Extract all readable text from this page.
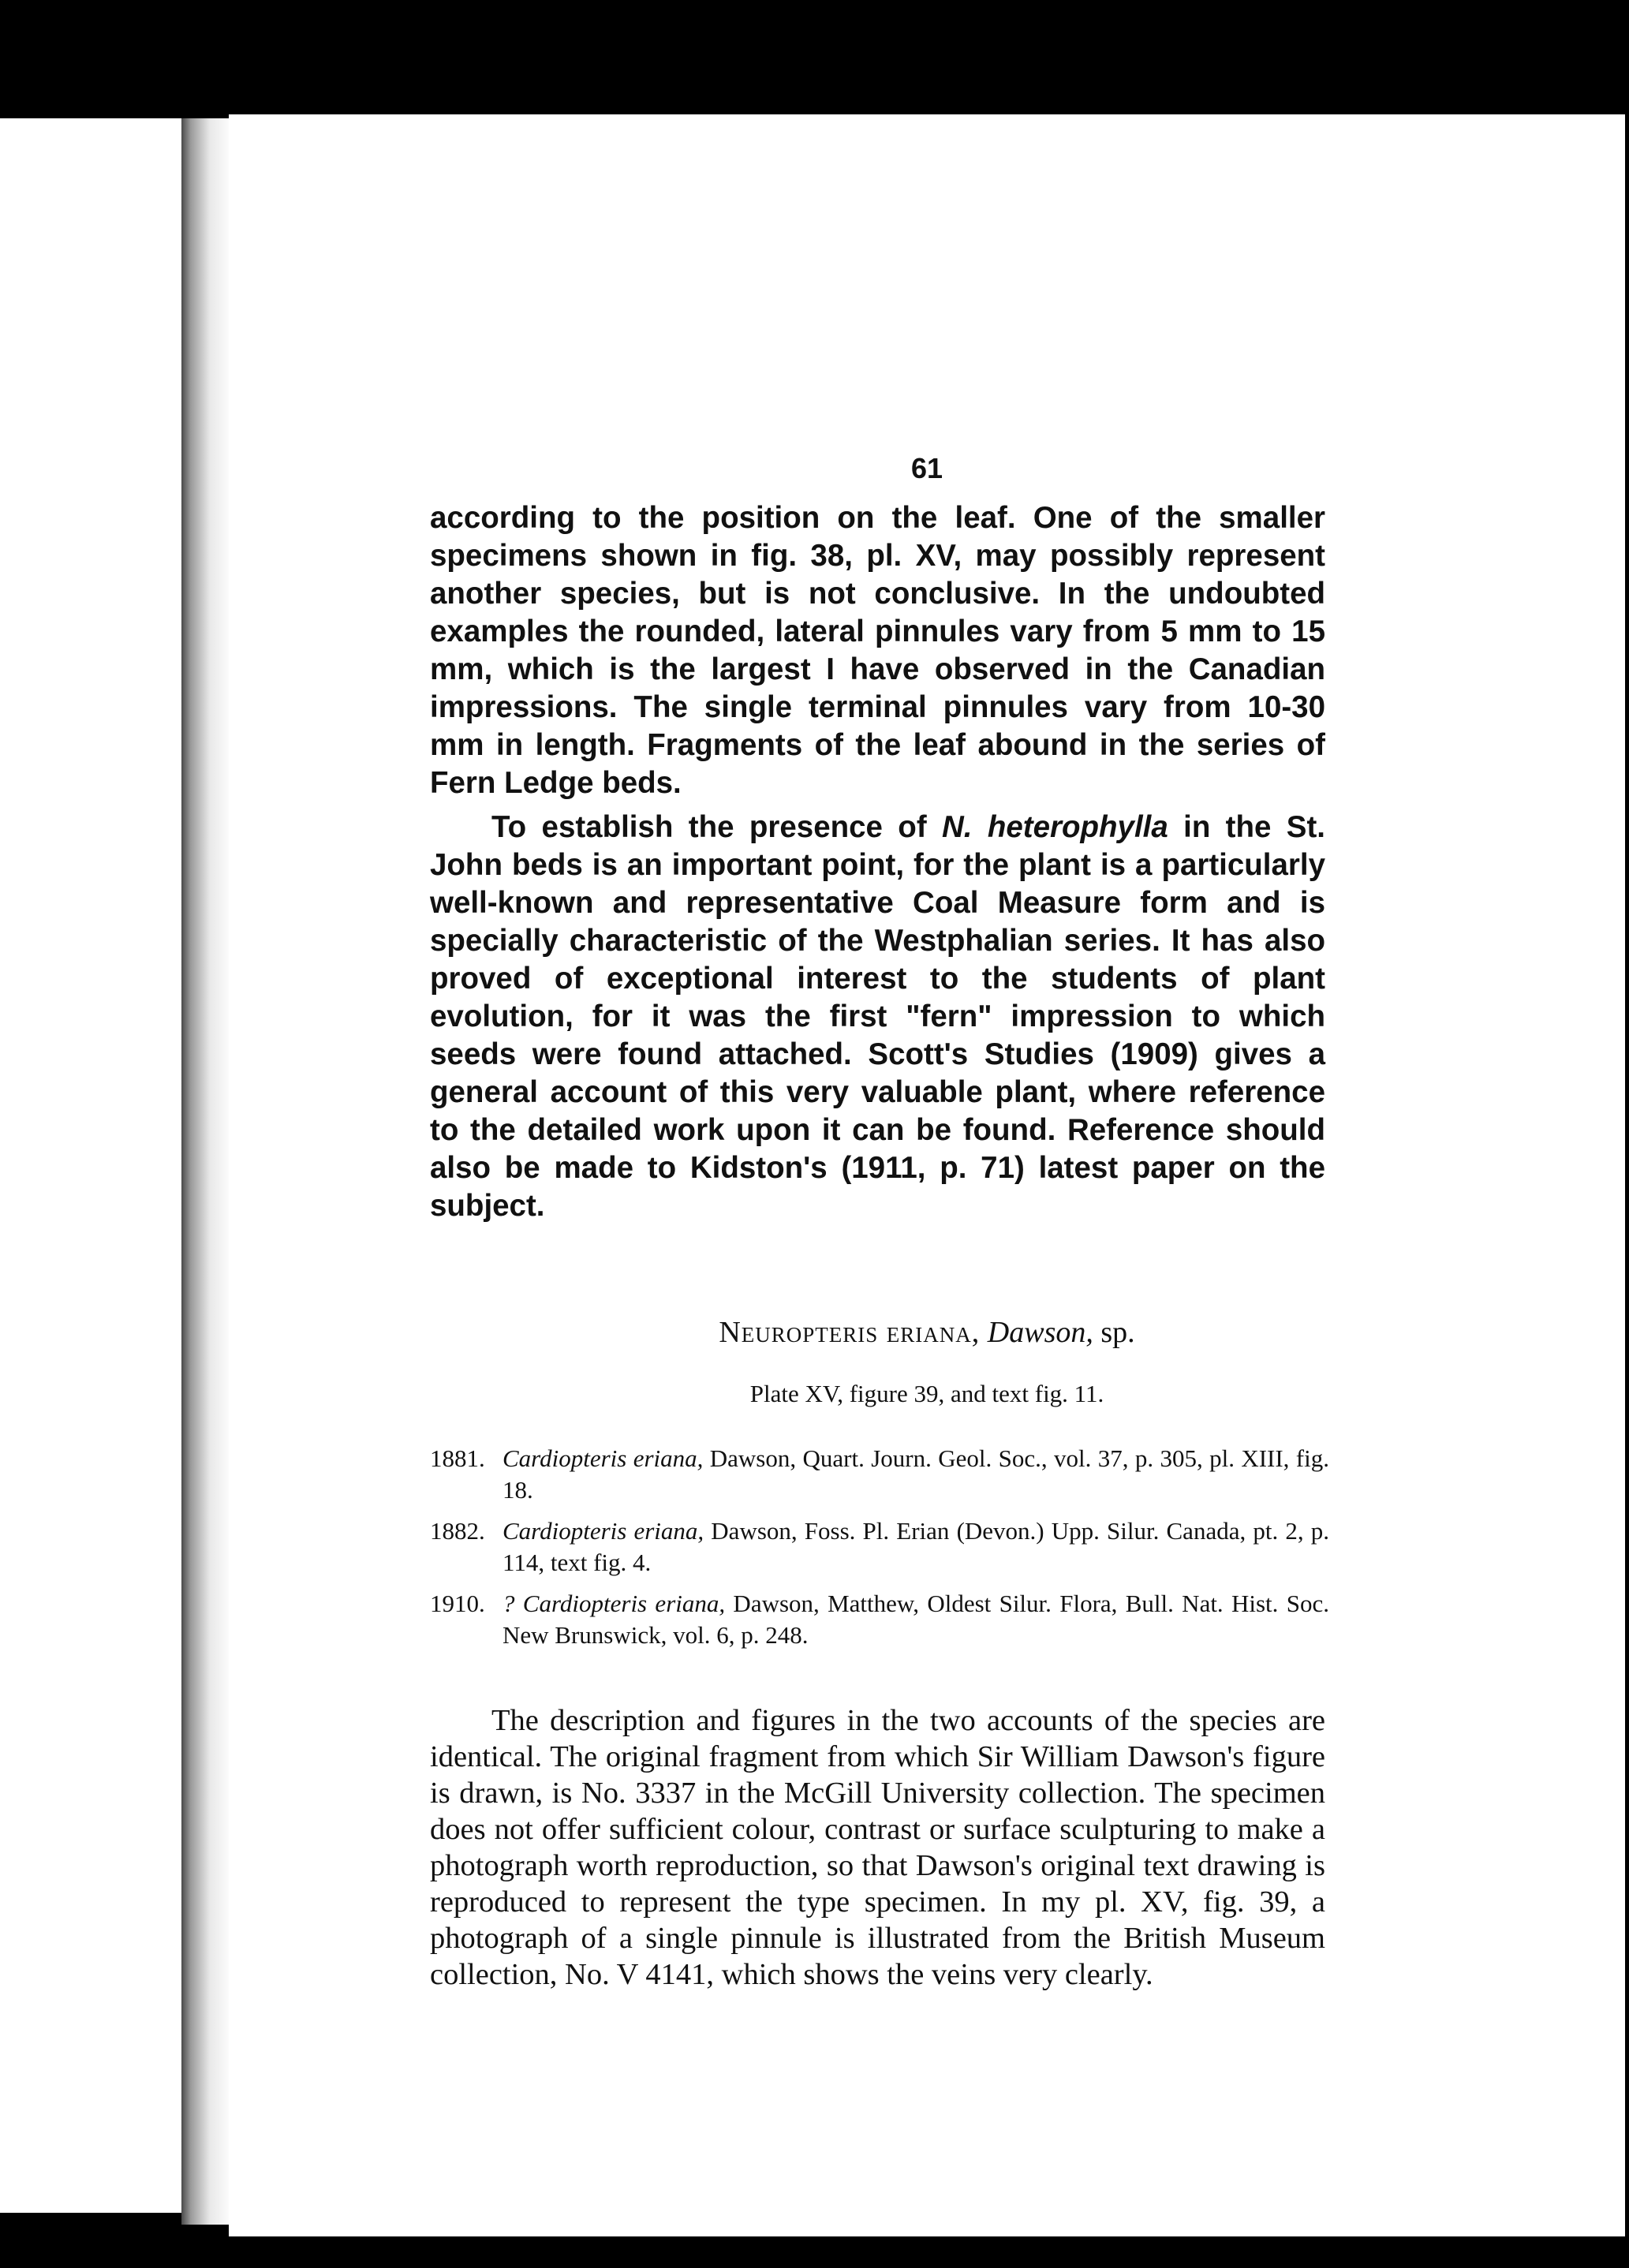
61

according to the position on the leaf. One of the smaller specimens shown in fig. 38, pl. XV, may possibly represent another species, but is not conclusive. In the undoubted examples the rounded, lateral pinnules vary from 5 mm to 15 mm, which is the largest I have observed in the Canadian impressions. The single terminal pinnules vary from 10-30 mm in length. Fragments of the leaf abound in the series of Fern Ledge beds.

To establish the presence of N. heterophylla in the St. John beds is an important point, for the plant is a particularly well-known and representative Coal Measure form and is specially characteristic of the Westphalian series. It has also proved of exceptional interest to the students of plant evolution, for it was the first "fern" impression to which seeds were found attached. Scott's Studies (1909) gives a general account of this very valuable plant, where reference to the detailed work upon it can be found. Reference should also be made to Kidston's (1911, p. 71) latest paper on the subject.

Neuropteris eriana, Dawson, sp.
Plate XV, figure 39, and text fig. 11.
1881. Cardiopteris eriana, Dawson, Quart. Journ. Geol. Soc., vol. 37, p. 305, pl. XIII, fig. 18.
1882. Cardiopteris eriana, Dawson, Foss. Pl. Erian (Devon.) Upp. Silur. Canada, pt. 2, p. 114, text fig. 4.
1910. ? Cardiopteris eriana, Dawson, Matthew, Oldest Silur. Flora, Bull. Nat. Hist. Soc. New Brunswick, vol. 6, p. 248.

The description and figures in the two accounts of the species are identical. The original fragment from which Sir William Dawson's figure is drawn, is No. 3337 in the McGill University collection. The specimen does not offer sufficient colour, contrast or surface sculpturing to make a photograph worth reproduction, so that Dawson's original text drawing is reproduced to represent the type specimen. In my pl. XV, fig. 39, a photograph of a single pinnule is illustrated from the British Museum collection, No. V 4141, which shows the veins very clearly.
